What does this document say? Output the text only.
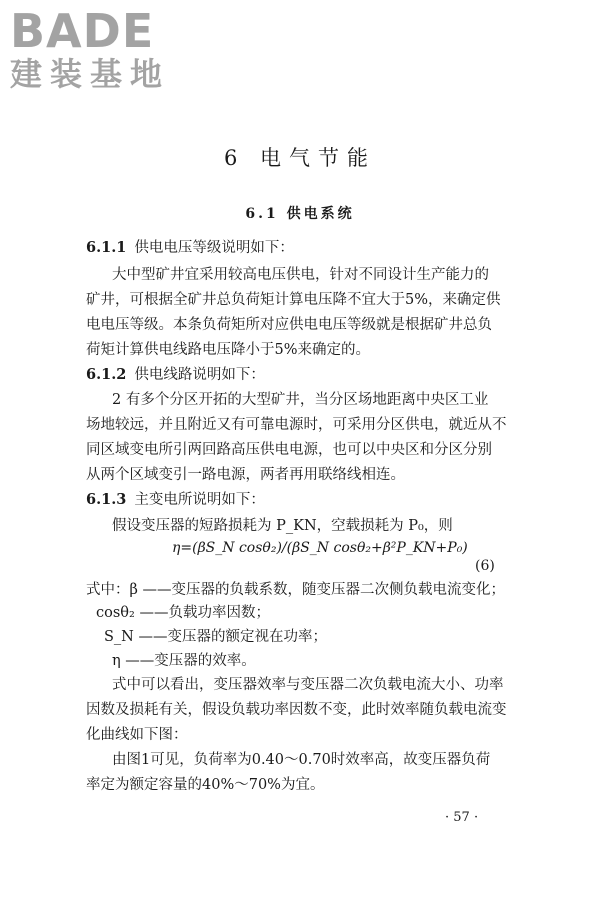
BADE
建装基地
6 电气节能
6.1 供电系统
6.1.1 供电电压等级说明如下：
大中型矿井宜采用较高电压供电，针对不同设计生产能力的
矿井，可根据全矿井总负荷矩计算电压降不宜大于5%，来确定供
电电压等级。本条负荷矩所对应供电电压等级就是根据矿井总负
荷矩计算供电线路电压降小于5%来确定的。
6.1.2 供电线路说明如下：
2 有多个分区开拓的大型矿井，当分区场地距离中央区工业
场地较远，并且附近又有可靠电源时，可采用分区供电，就近从不
同区域变电所引两回路高压供电电源，也可以中央区和分区分别
从两个区域变引一路电源，两者再用联络线相连。
6.1.3 主变电所说明如下：
假设变压器的短路损耗为 P_KN，空载损耗为 P₀，则
η=(βS_N cosθ₂)/(βS_N cosθ₂+β²P_KN+P₀)
(6)
式中：β ——变压器的负载系数，随变压器二次侧负载电流变化；
cosθ₂ ——负载功率因数；
S_N ——变压器的额定视在功率；
η ——变压器的效率。
式中可以看出，变压器效率与变压器二次负载电流大小、功率
因数及损耗有关，假设负载功率因数不变，此时效率随负载电流变
化曲线如下图：
由图1可见，负荷率为0.40～0.70时效率高，故变压器负荷
率定为额定容量的40%～70%为宜。
· 57 ·
